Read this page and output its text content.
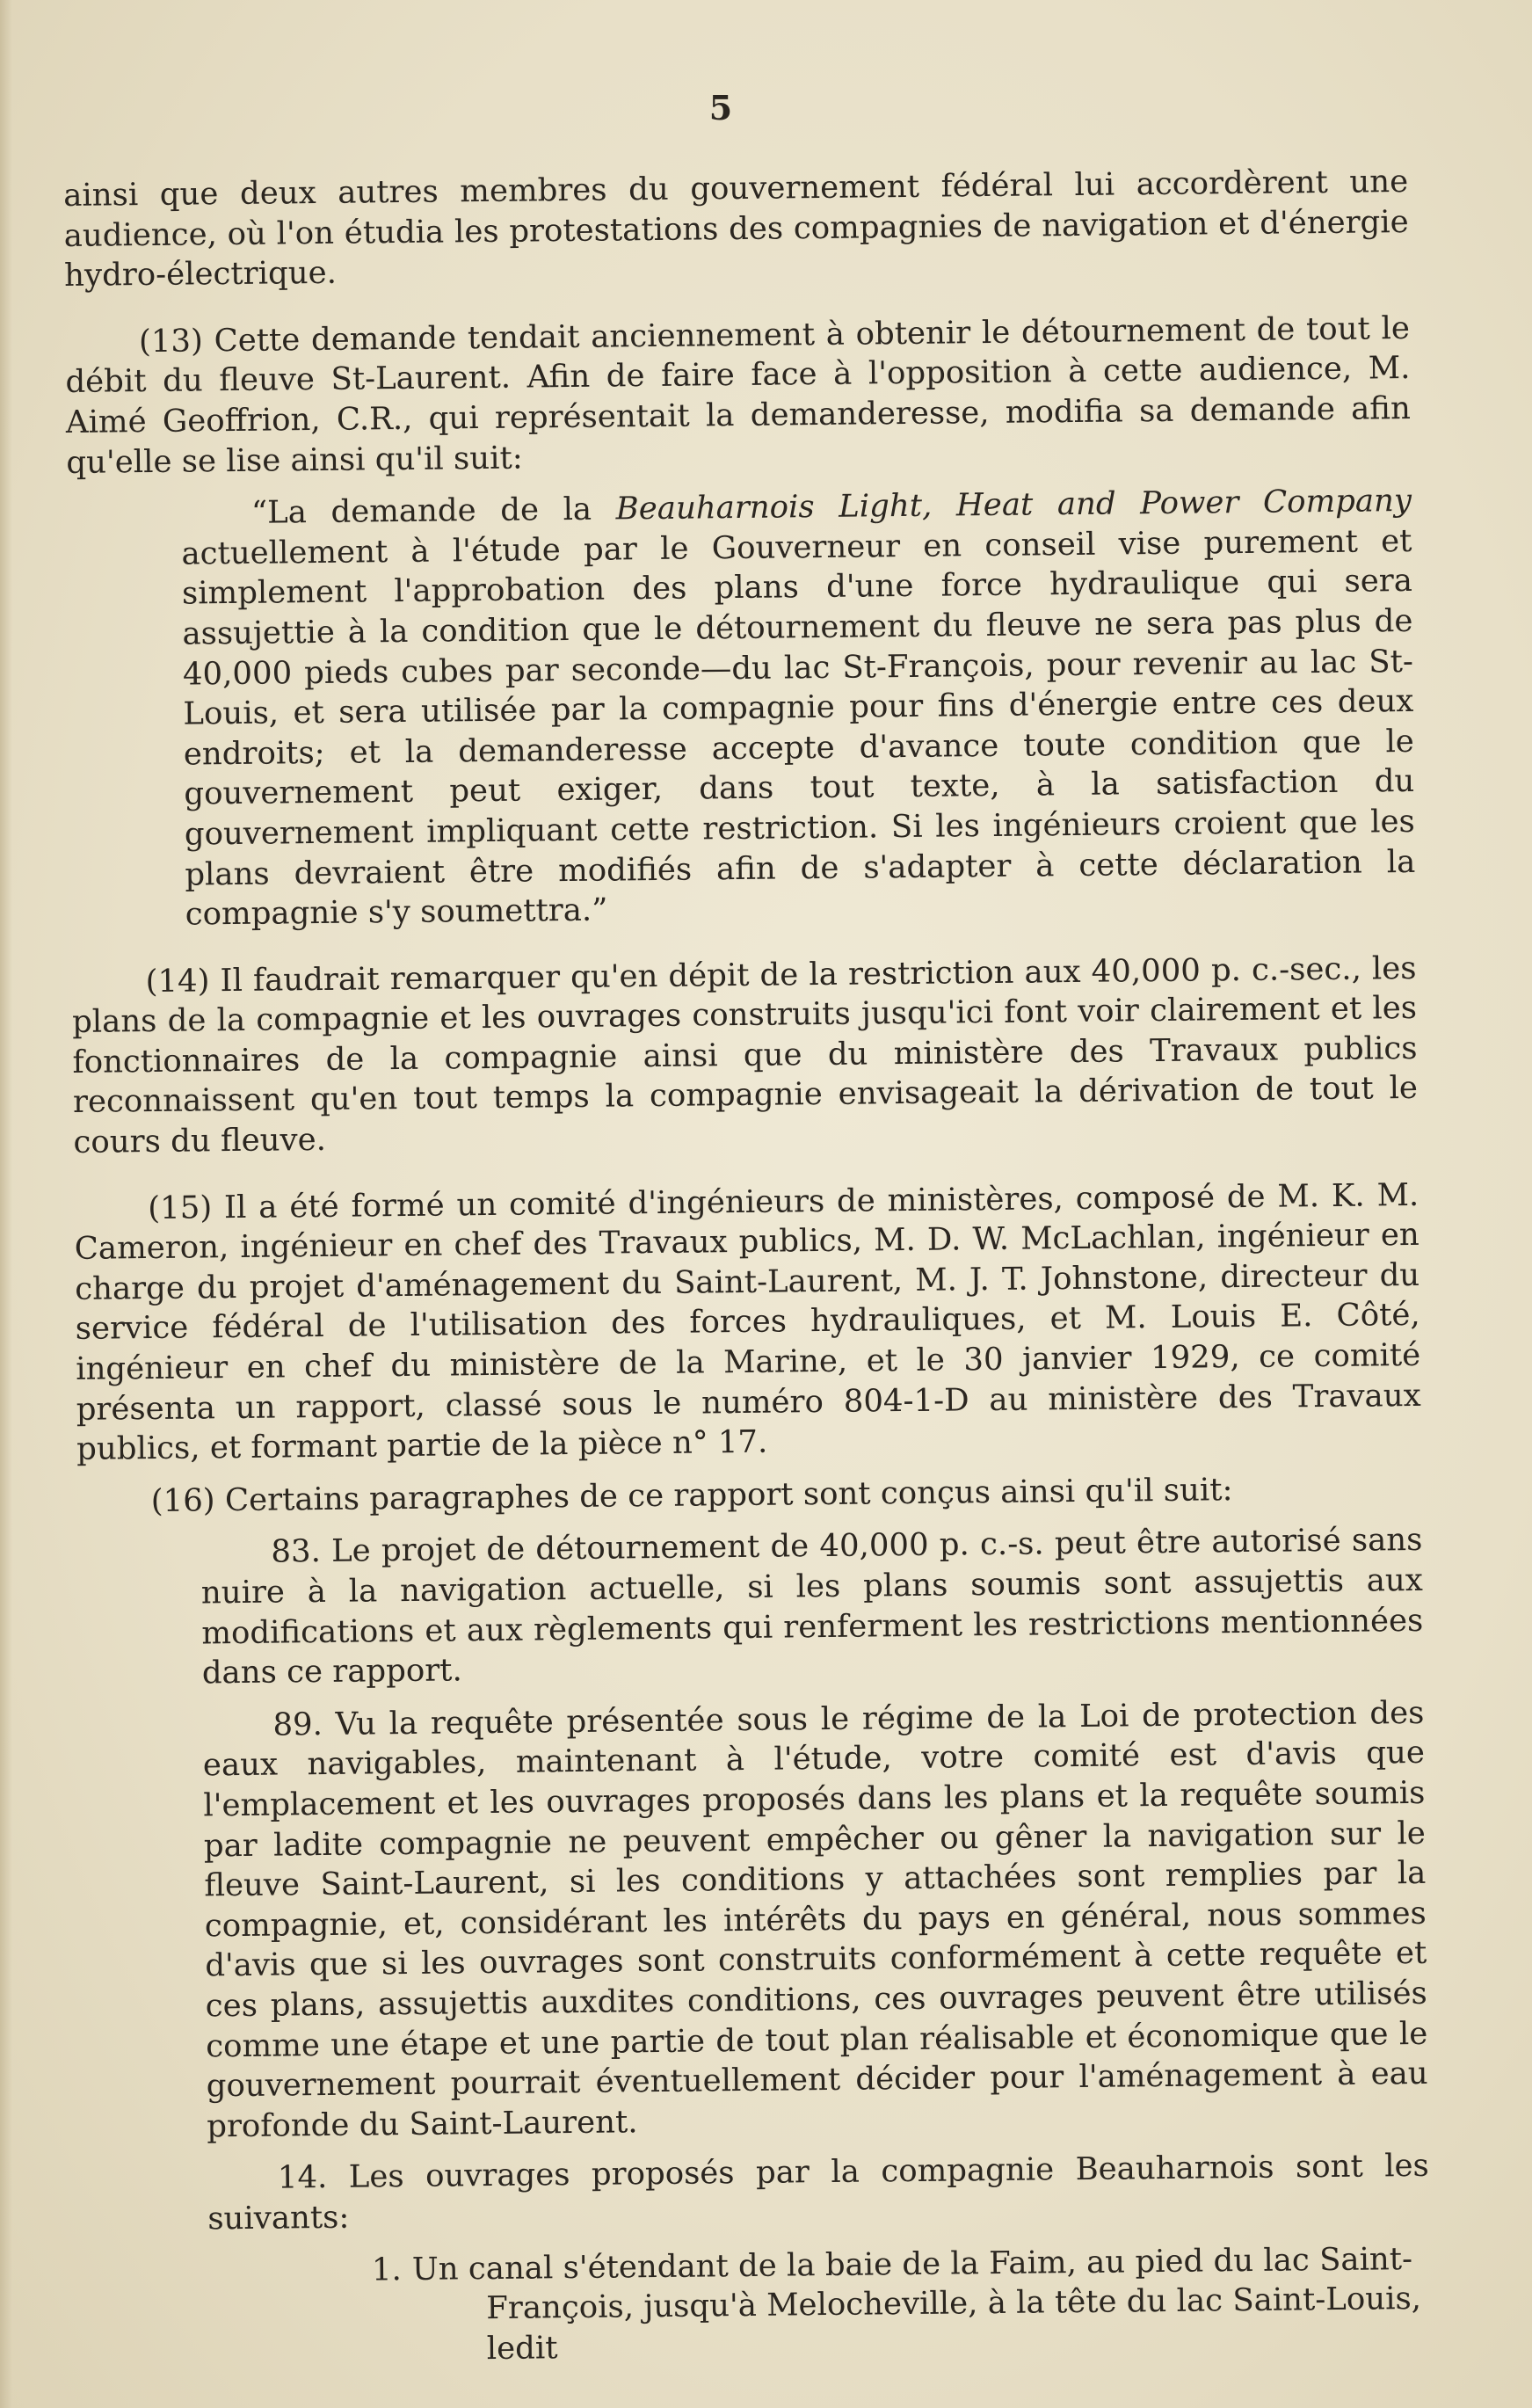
5

ainsi que deux autres membres du gouvernement fédéral lui accordèrent une audience, où l'on étudia les protestations des compagnies de navigation et d'énergie hydro-électrique.

(13) Cette demande tendait anciennement à obtenir le détournement de tout le débit du fleuve St-Laurent. Afin de faire face à l'opposition à cette audience, M. Aimé Geoffrion, C.R., qui représentait la demanderesse, modifia sa demande afin qu'elle se lise ainsi qu'il suit:

“La demande de la Beauharnois Light, Heat and Power Company actuellement à l'étude par le Gouverneur en conseil vise purement et simplement l'approbation des plans d'une force hydraulique qui sera assujettie à la condition que le détournement du fleuve ne sera pas plus de 40,000 pieds cubes par seconde—du lac St-François, pour revenir au lac St-Louis, et sera utilisée par la compagnie pour fins d'énergie entre ces deux endroits; et la demanderesse accepte d'avance toute condition que le gouvernement peut exiger, dans tout texte, à la satisfaction du gouvernement impliquant cette restriction. Si les ingénieurs croient que les plans devraient être modifiés afin de s'adapter à cette déclaration la compagnie s'y soumettra.”

(14) Il faudrait remarquer qu'en dépit de la restriction aux 40,000 p. c.-sec., les plans de la compagnie et les ouvrages construits jusqu'ici font voir clairement et les fonctionnaires de la compagnie ainsi que du ministère des Travaux publics reconnaissent qu'en tout temps la compagnie envisageait la dérivation de tout le cours du fleuve.

(15) Il a été formé un comité d'ingénieurs de ministères, composé de M. K. M. Cameron, ingénieur en chef des Travaux publics, M. D. W. McLachlan, ingénieur en charge du projet d'aménagement du Saint-Laurent, M. J. T. Johnstone, directeur du service fédéral de l'utilisation des forces hydrauliques, et M. Louis E. Côté, ingénieur en chef du ministère de la Marine, et le 30 janvier 1929, ce comité présenta un rapport, classé sous le numéro 804-1-D au ministère des Travaux publics, et formant partie de la pièce n° 17.

(16) Certains paragraphes de ce rapport sont conçus ainsi qu'il suit:

83. Le projet de détournement de 40,000 p. c.-s. peut être autorisé sans nuire à la navigation actuelle, si les plans soumis sont assujettis aux modifications et aux règlements qui renferment les restrictions mentionnées dans ce rapport.

89. Vu la requête présentée sous le régime de la Loi de protection des eaux navigables, maintenant à l'étude, votre comité est d'avis que l'emplacement et les ouvrages proposés dans les plans et la requête soumis par ladite compagnie ne peuvent empêcher ou gêner la navigation sur le fleuve Saint-Laurent, si les conditions y attachées sont remplies par la compagnie, et, considérant les intérêts du pays en général, nous sommes d'avis que si les ouvrages sont construits conformément à cette requête et ces plans, assujettis auxdites conditions, ces ouvrages peuvent être utilisés comme une étape et une partie de tout plan réalisable et économique que le gouvernement pourrait éventuellement décider pour l'aménagement à eau profonde du Saint-Laurent.

14. Les ouvrages proposés par la compagnie Beauharnois sont les suivants:

1. Un canal s'étendant de la baie de la Faim, au pied du lac Saint-
François, jusqu'à Melocheville, à la tête du lac Saint-Louis, ledit
